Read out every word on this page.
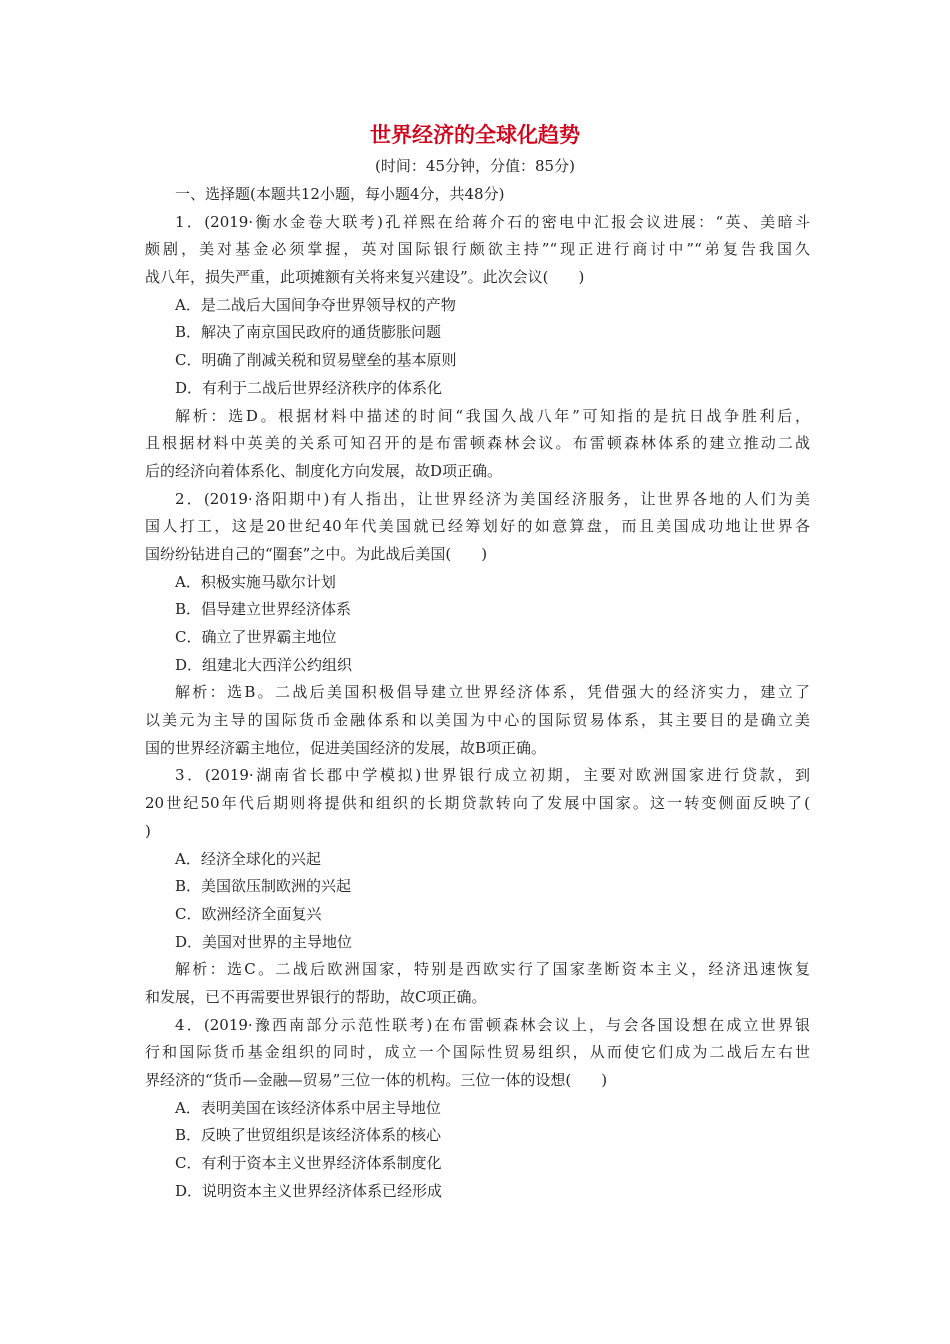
世界经济的全球化趋势
(时间：45分钟，分值：85分)
一、选择题(本题共12小题，每小题4分，共48分)
1．(2019·衡水金卷大联考)孔祥熙在给蒋介石的密电中汇报会议进展：“英、美暗斗
颇剧，美对基金必须掌握，英对国际银行颇欲主持”“现正进行商讨中”“弟复告我国久
战八年，损失严重，此项摊额有关将来复兴建设”。此次会议(　　)
A．是二战后大国间争夺世界领导权的产物
B．解决了南京国民政府的通货膨胀问题
C．明确了削减关税和贸易壁垒的基本原则
D．有利于二战后世界经济秩序的体系化
解析：选D。根据材料中描述的时间“我国久战八年”可知指的是抗日战争胜利后，
且根据材料中英美的关系可知召开的是布雷顿森林会议。布雷顿森林体系的建立推动二战
后的经济向着体系化、制度化方向发展，故D项正确。
2．(2019·洛阳期中)有人指出，让世界经济为美国经济服务，让世界各地的人们为美
国人打工，这是20世纪40年代美国就已经筹划好的如意算盘，而且美国成功地让世界各
国纷纷钻进自己的“圈套”之中。为此战后美国(　　)
A．积极实施马歇尔计划
B．倡导建立世界经济体系
C．确立了世界霸主地位
D．组建北大西洋公约组织
解析：选B。二战后美国积极倡导建立世界经济体系，凭借强大的经济实力，建立了
以美元为主导的国际货币金融体系和以美国为中心的国际贸易体系，其主要目的是确立美
国的世界经济霸主地位，促进美国经济的发展，故B项正确。
3．(2019·湖南省长郡中学模拟)世界银行成立初期，主要对欧洲国家进行贷款，到
20世纪50年代后期则将提供和组织的长期贷款转向了发展中国家。这一转变侧面反映了(
)
A．经济全球化的兴起
B．美国欲压制欧洲的兴起
C．欧洲经济全面复兴
D．美国对世界的主导地位
解析：选C。二战后欧洲国家，特别是西欧实行了国家垄断资本主义，经济迅速恢复
和发展，已不再需要世界银行的帮助，故C项正确。
4．(2019·豫西南部分示范性联考)在布雷顿森林会议上，与会各国设想在成立世界银
行和国际货币基金组织的同时，成立一个国际性贸易组织，从而使它们成为二战后左右世
界经济的“货币—金融—贸易”三位一体的机构。三位一体的设想(　　)
A．表明美国在该经济体系中居主导地位
B．反映了世贸组织是该经济体系的核心
C．有利于资本主义世界经济体系制度化
D．说明资本主义世界经济体系已经形成
